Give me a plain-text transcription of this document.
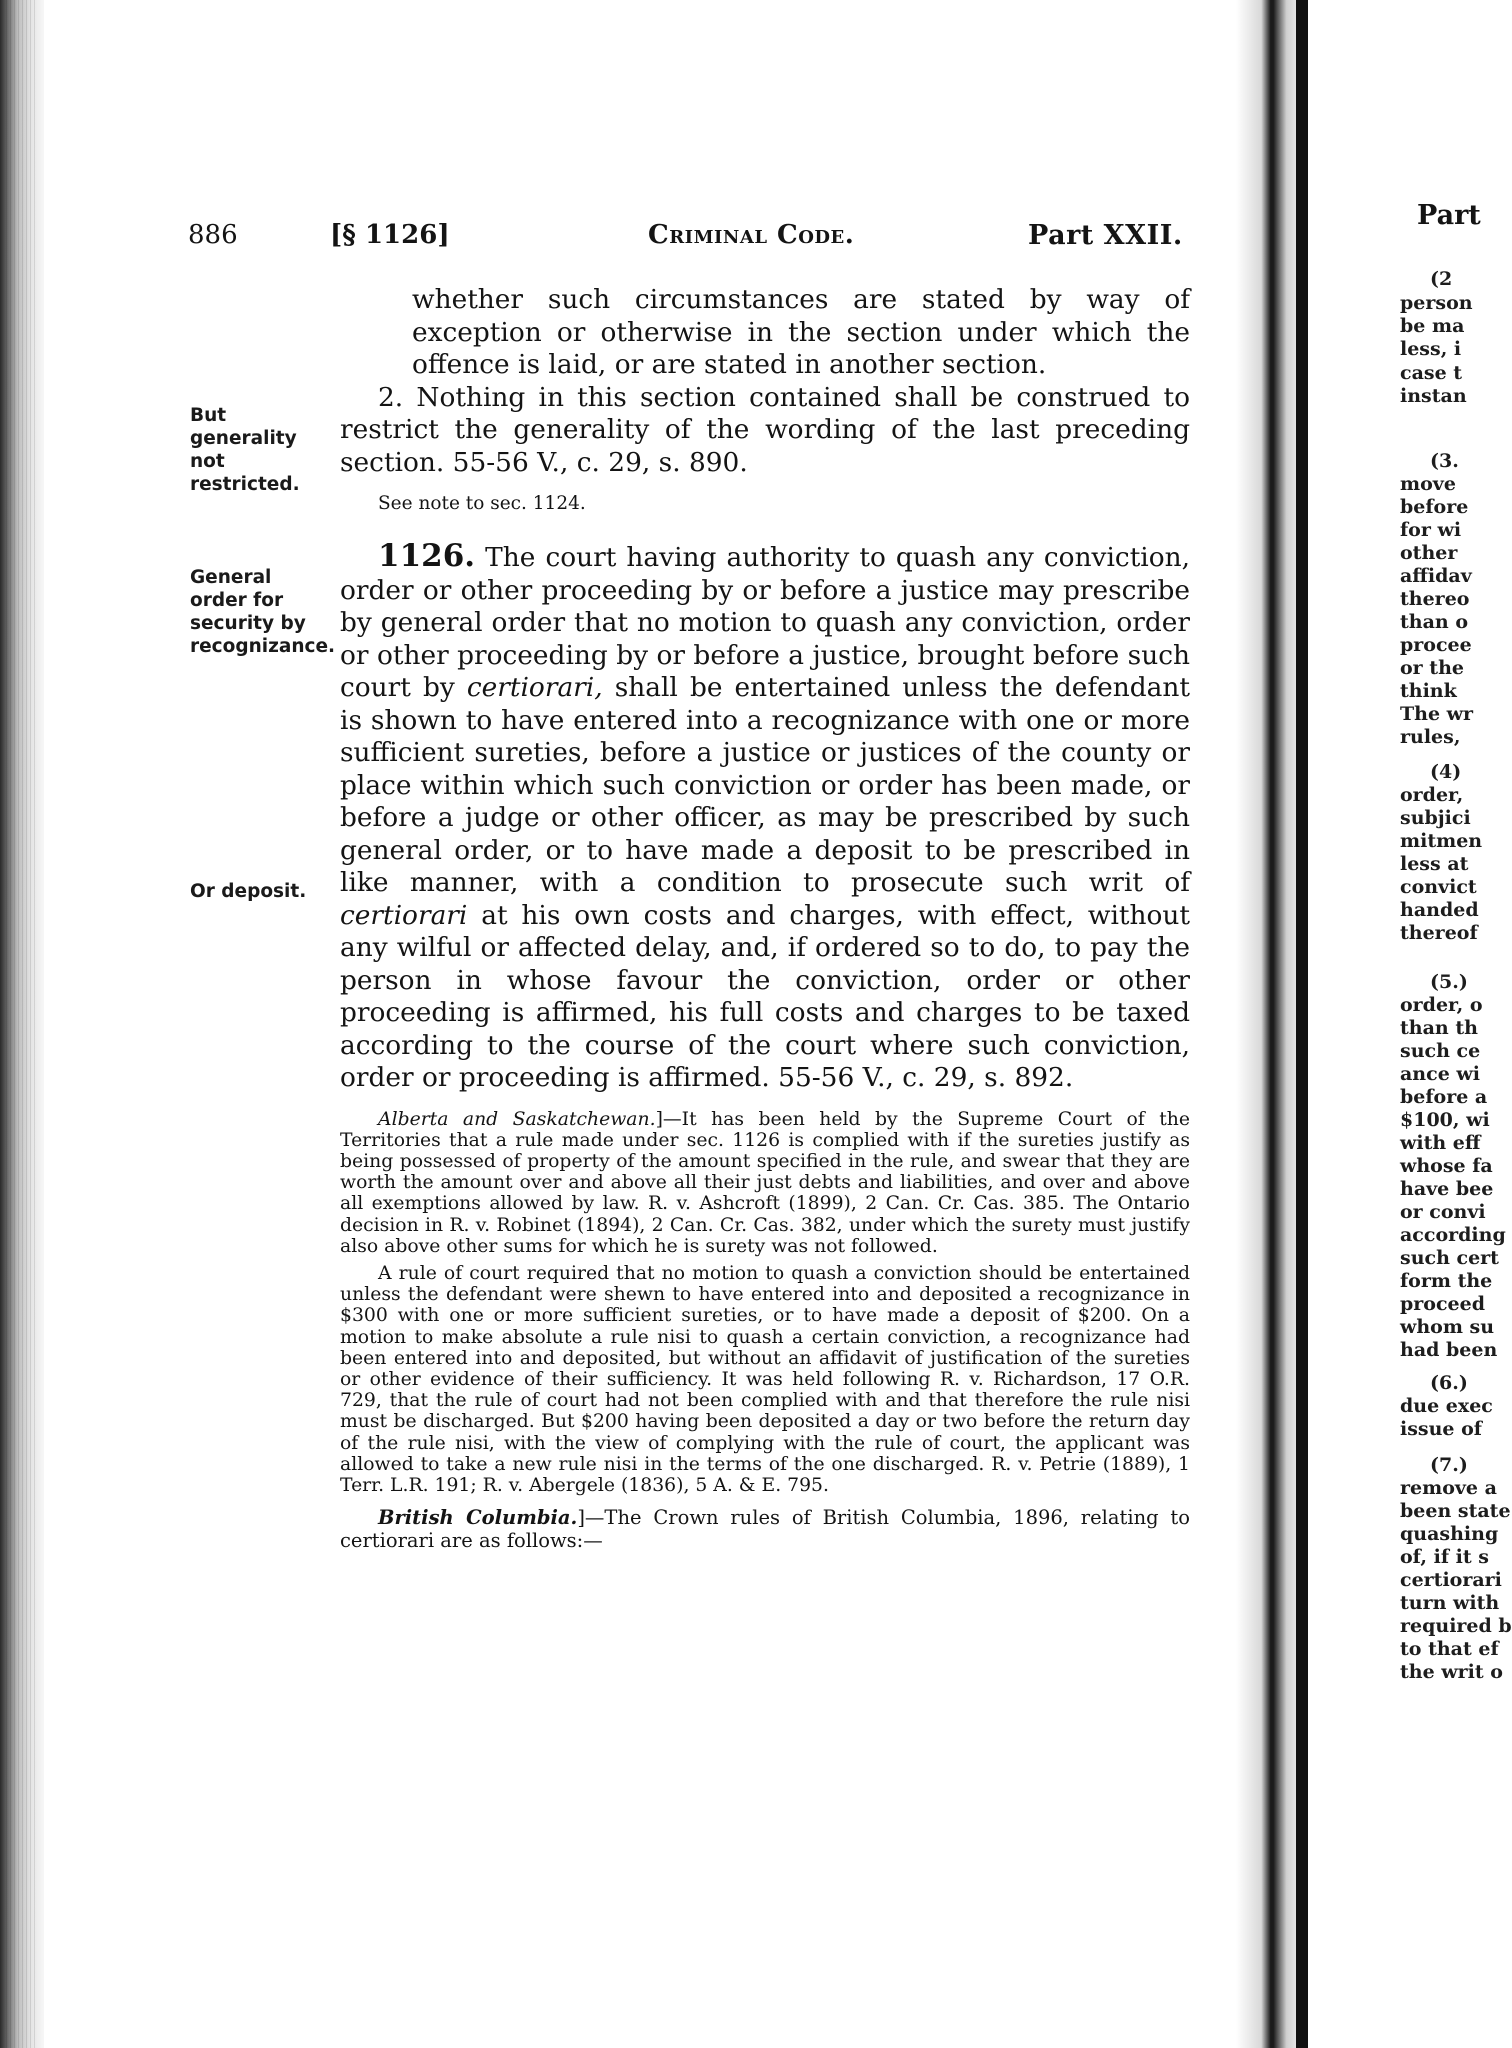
886	[§ 1126]	Criminal Code.	Part XXII.
But generality not restricted.
General order for security by recognizance.
Or deposit.

whether such circumstances are stated by way of exception or otherwise in the section under which the offence is laid, or are stated in another section.

2. Nothing in this section contained shall be construed to restrict the generality of the wording of the last preceding section. 55-56 V., c. 29, s. 890.

See note to sec. 1124.

1126. The court having authority to quash any conviction, order or other proceeding by or before a justice may prescribe by general order that no motion to quash any conviction, order or other proceeding by or before a justice, brought before such court by certiorari, shall be entertained unless the defendant is shown to have entered into a recognizance with one or more sufficient sureties, before a justice or justices of the county or place within which such conviction or order has been made, or before a judge or other officer, as may be prescribed by such general order, or to have made a deposit to be prescribed in like manner, with a condition to prosecute such writ of certiorari at his own costs and charges, with effect, without any wilful or affected delay, and, if ordered so to do, to pay the person in whose favour the conviction, order or other proceeding is affirmed, his full costs and charges to be taxed according to the course of the court where such conviction, order or proceeding is affirmed. 55-56 V., c. 29, s. 892.

Alberta and Saskatchewan.]—It has been held by the Supreme Court of the Territories that a rule made under sec. 1126 is complied with if the sureties justify as being possessed of property of the amount specified in the rule, and swear that they are worth the amount over and above all their just debts and liabilities, and over and above all exemptions allowed by law. R. v. Ashcroft (1899), 2 Can. Cr. Cas. 385. The Ontario decision in R. v. Robinet (1894), 2 Can. Cr. Cas. 382, under which the surety must justify also above other sums for which he is surety was not followed.

A rule of court required that no motion to quash a conviction should be entertained unless the defendant were shewn to have entered into and deposited a recognizance in $300 with one or more sufficient sureties, or to have made a deposit of $200. On a motion to make absolute a rule nisi to quash a certain conviction, a recognizance had been entered into and deposited, but without an affidavit of justification of the sureties or other evidence of their sufficiency. It was held following R. v. Richardson, 17 O.R. 729, that the rule of court had not been complied with and that therefore the rule nisi must be discharged. But $200 having been deposited a day or two before the return day of the rule nisi, with the view of complying with the rule of court, the applicant was allowed to take a new rule nisi in the terms of the one discharged. R. v. Petrie (1889), 1 Terr. L.R. 191; R. v. Abergele (1836), 5 A. & E. 795.

British Columbia.]—The Crown rules of British Columbia, 1896, relating to certiorari are as follows:—

Part
(2
person
be ma
less, i
case t
instan
(3.
move
before
for wi
other
affidav
thereo
than o
procee
or the
think
The wr
rules,
(4)
order,
subjici
mitmen
less at
convict
handed
thereof
(5.)
order, o
than th
such ce
ance wi
before a
$100, wi
with eff
whose fa
have bee
or convi
according
such cert
form the
proceed
whom su
had been
(6.)
due exec
issue of
(7.)
remove a
been state
quashing
of, if it s
certiorari
turn with
required b
to that ef
the writ o
